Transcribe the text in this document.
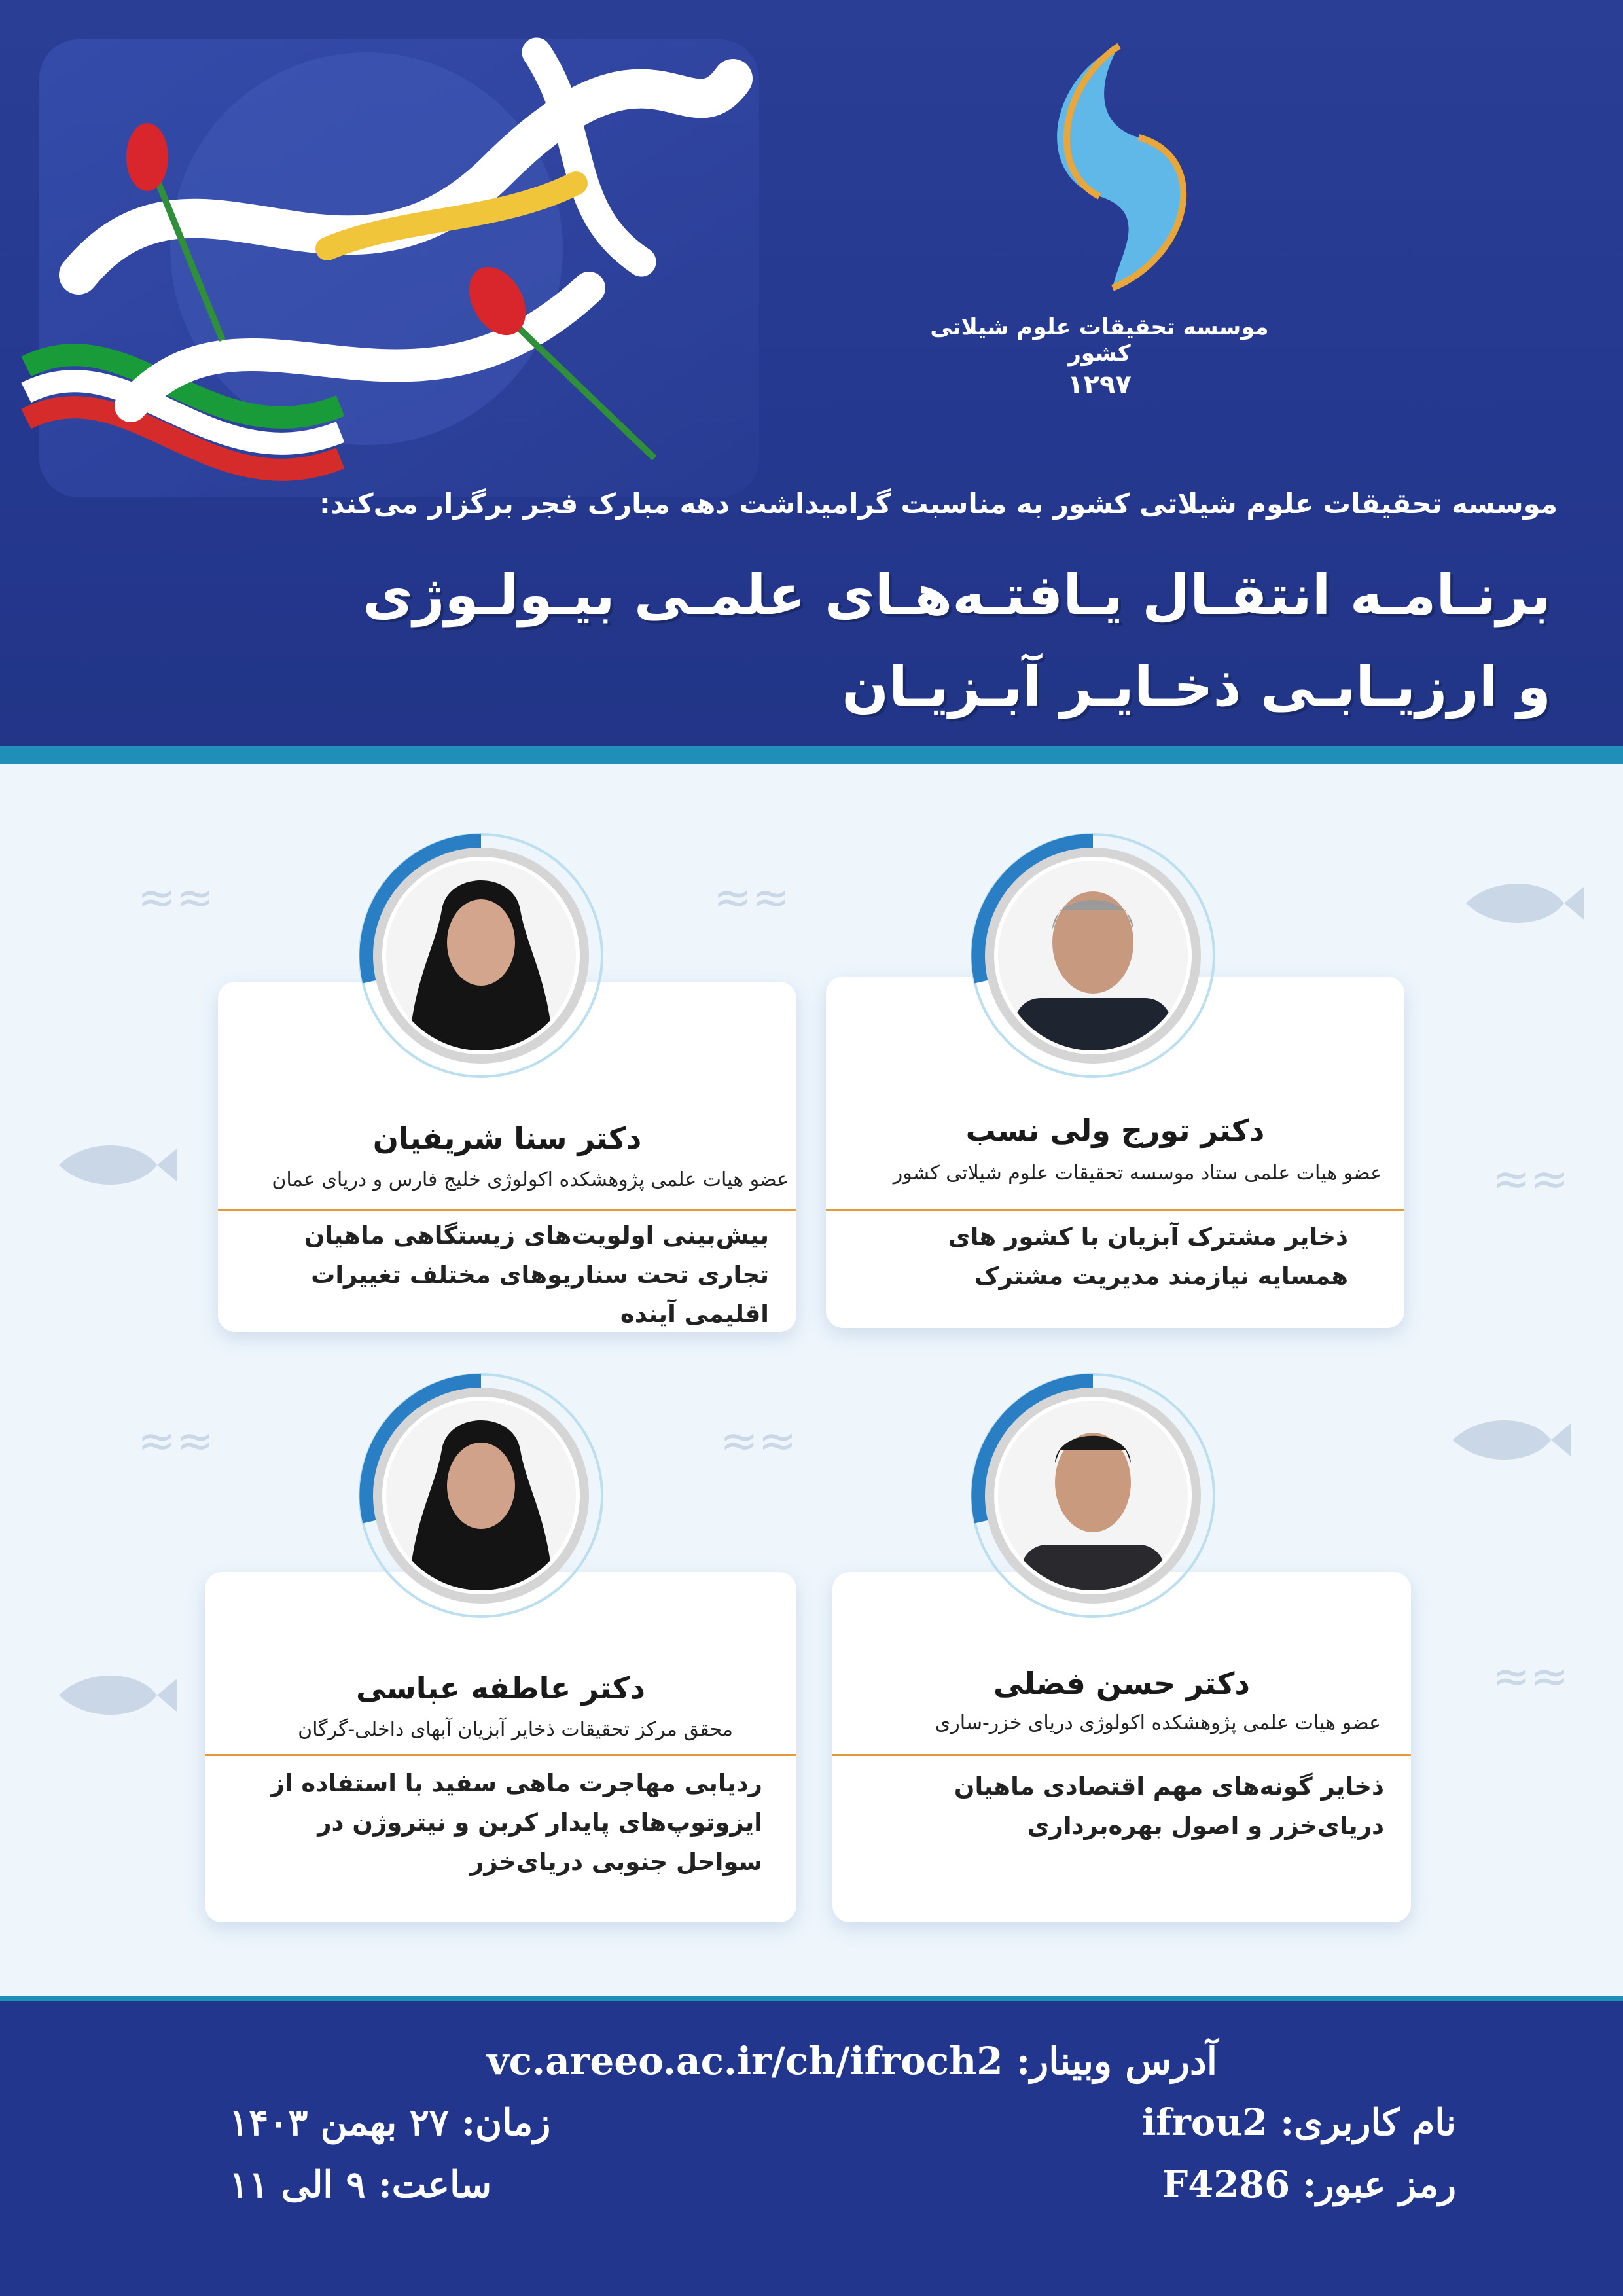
موسسه تحقیقات علوم شیلاتی کشور
۱۲۹۷
موسسه تحقیقات علوم شیلاتی کشور به مناسبت گرامیداشت دهه مبارک فجر برگزار می‌کند:
برنـامـه انتقـال یـافتـه‌هـای علمـی بیـولـوژی
و ارزیـابـی ذخـایـر آبـزیـان
≈≈	≈≈
≈≈
≈≈	≈≈
≈≈
دکتر تورج ولی نسب
عضو هیات علمی ستاد موسسه تحقیقات علوم شیلاتی کشور
ذخایر مشترک آبزیان با کشور های همسایه نیازمند مدیریت مشترک
دکتر سنا شریفیان
عضو هیات علمی پژوهشکده اکولوژی خلیج فارس و دریای عمان
بیش‌بینی اولویت‌های زیستگاهی ماهیان تجاری تحت سناریوهای مختلف تغییرات اقلیمی آینده
دکتر حسن فضلی
عضو هیات علمی پژوهشکده اکولوژی دریای خزر-ساری
ذخایر گونه‌های مهم اقتصادی ماهیان دریای‌خزر و اصول بهره‌برداری
دکتر عاطفه عباسی
محقق مرکز تحقیقات ذخایر آبزیان آبهای داخلی-گرگان
ردیابی مهاجرت ماهی سفید با استفاده از ایزوتوپ‌های پایدار کربن و نیتروژن در سواحل جنوبی دریای‌خزر
آدرس وبینار: vc.areeo.ac.ir/ch/ifroch2
نام کاربری: ifrou2
رمز عبور: F4286
زمان: ۲۷ بهمن ۱۴۰۳
ساعت: ۹ الی ۱۱
